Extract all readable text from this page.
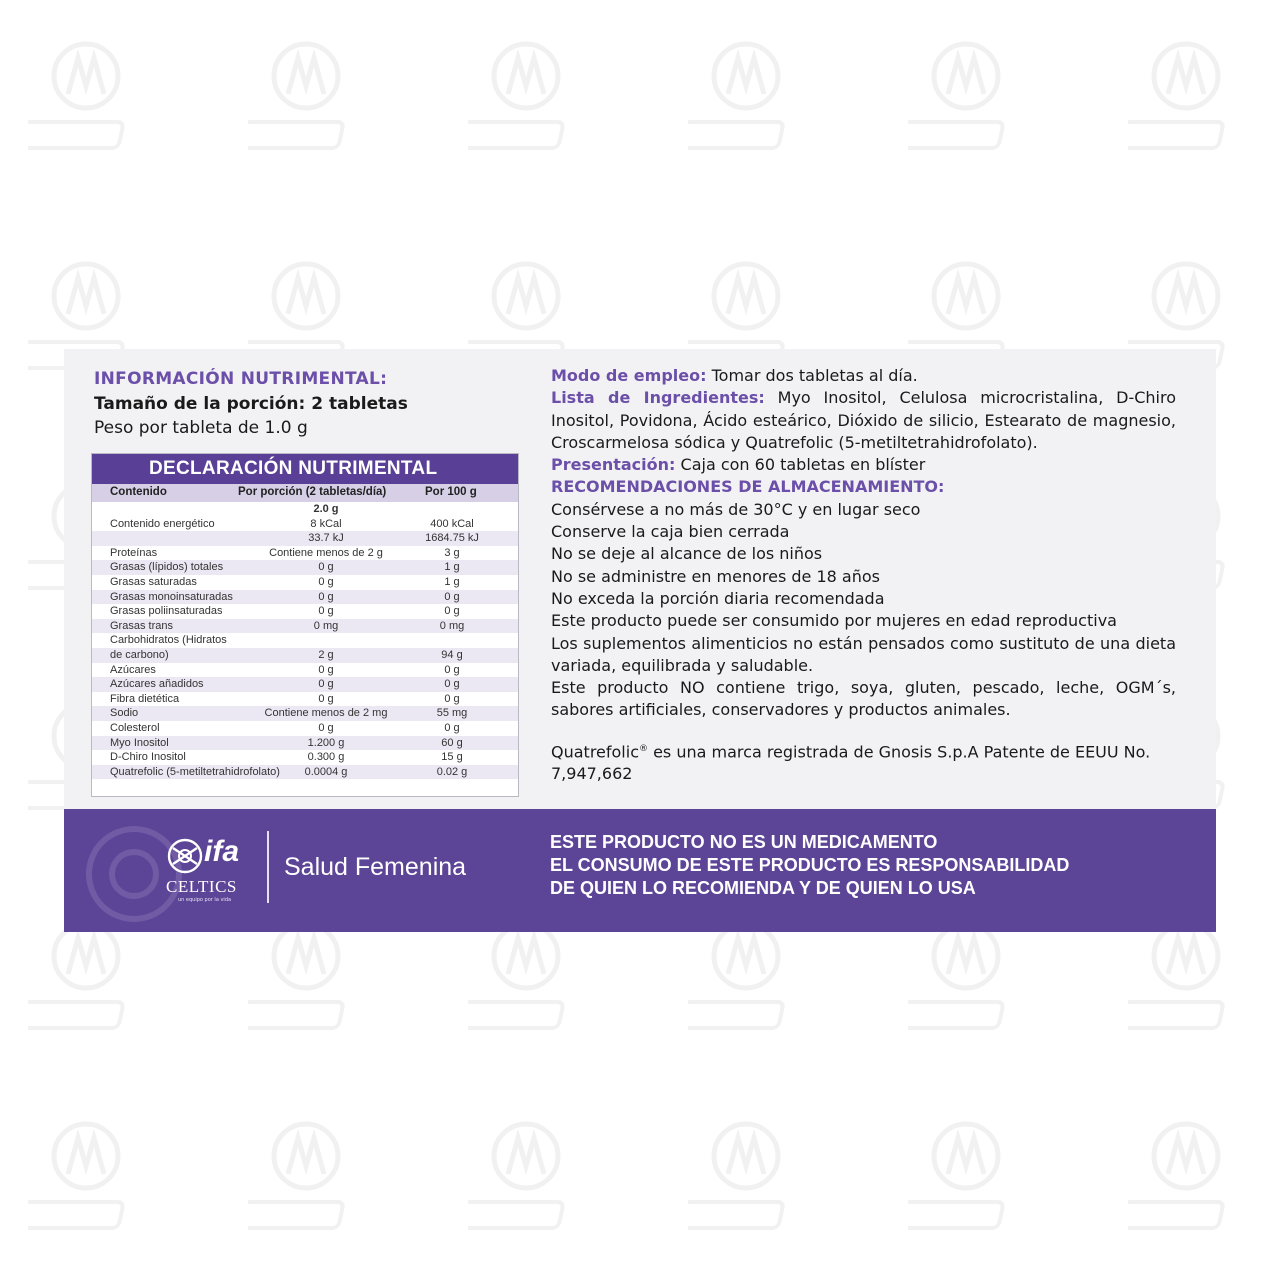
INFORMACIÓN NUTRIMENTAL:
Tamaño de la porción: 2 tabletas
Peso por tableta de 1.0 g
DECLARACIÓN NUTRIMENTAL
Contenido	Por porción (2 tabletas/día)	Por 100 g
2.0 g
Contenido energético	8 kCal	400 kCal
33.7 kJ	1684.75 kJ
Proteínas	Contiene menos de 2 g	3 g
Grasas (lípidos) totales	0 g	1 g
Grasas saturadas	0 g	1 g
Grasas monoinsaturadas	0 g	0 g
Grasas poliinsaturadas	0 g	0 g
Grasas trans	0 mg	0 mg
Carbohidratos (Hidratos
de carbono)	2 g	94 g
Azúcares	0 g	0 g
Azúcares añadidos	0 g	0 g
Fibra dietética	0 g	0 g
Sodio	Contiene menos de 2 mg	55 mg
Colesterol	0 g	0 g
Myo Inositol	1.200 g	60 g
D-Chiro Inositol	0.300 g	15 g
Quatrefolic (5-metiltetrahidrofolato)	0.0004 g	0.02 g

Modo de empleo: Tomar dos tabletas al día.

Lista de Ingredientes: Myo Inositol, Celulosa microcristalina, D-Chiro Inositol, Povidona, Ácido esteárico, Dióxido de silicio, Estearato de magnesio, Croscarmelosa sódica y Quatrefolic (5-metiltetrahidrofolato).

Presentación: Caja con 60 tabletas en blíster

RECOMENDACIONES DE ALMACENAMIENTO:

Consérvese a no más de 30°C y en lugar seco

Conserve la caja bien cerrada

No se deje al alcance de los niños

No se administre en menores de 18 años

No exceda la porción diaria recomendada

Este producto puede ser consumido por mujeres en edad reproductiva

Los suplementos alimenticios no están pensados como sustituto de una dieta variada, equilibrada y saludable.

Este producto NO contiene trigo, soya, gluten, pescado, leche, OGM´s, sabores artificiales, conservadores y productos animales.

Quatrefolic® es una marca registrada de Gnosis S.p.A Patente de EEUU No. 7,947,662

ifa
CELTICS
un equipo por la vida
Salud Femenina
ESTE PRODUCTO NO ES UN MEDICAMENTO
EL CONSUMO DE ESTE PRODUCTO ES RESPONSABILIDAD
DE QUIEN LO RECOMIENDA Y DE QUIEN LO USA
